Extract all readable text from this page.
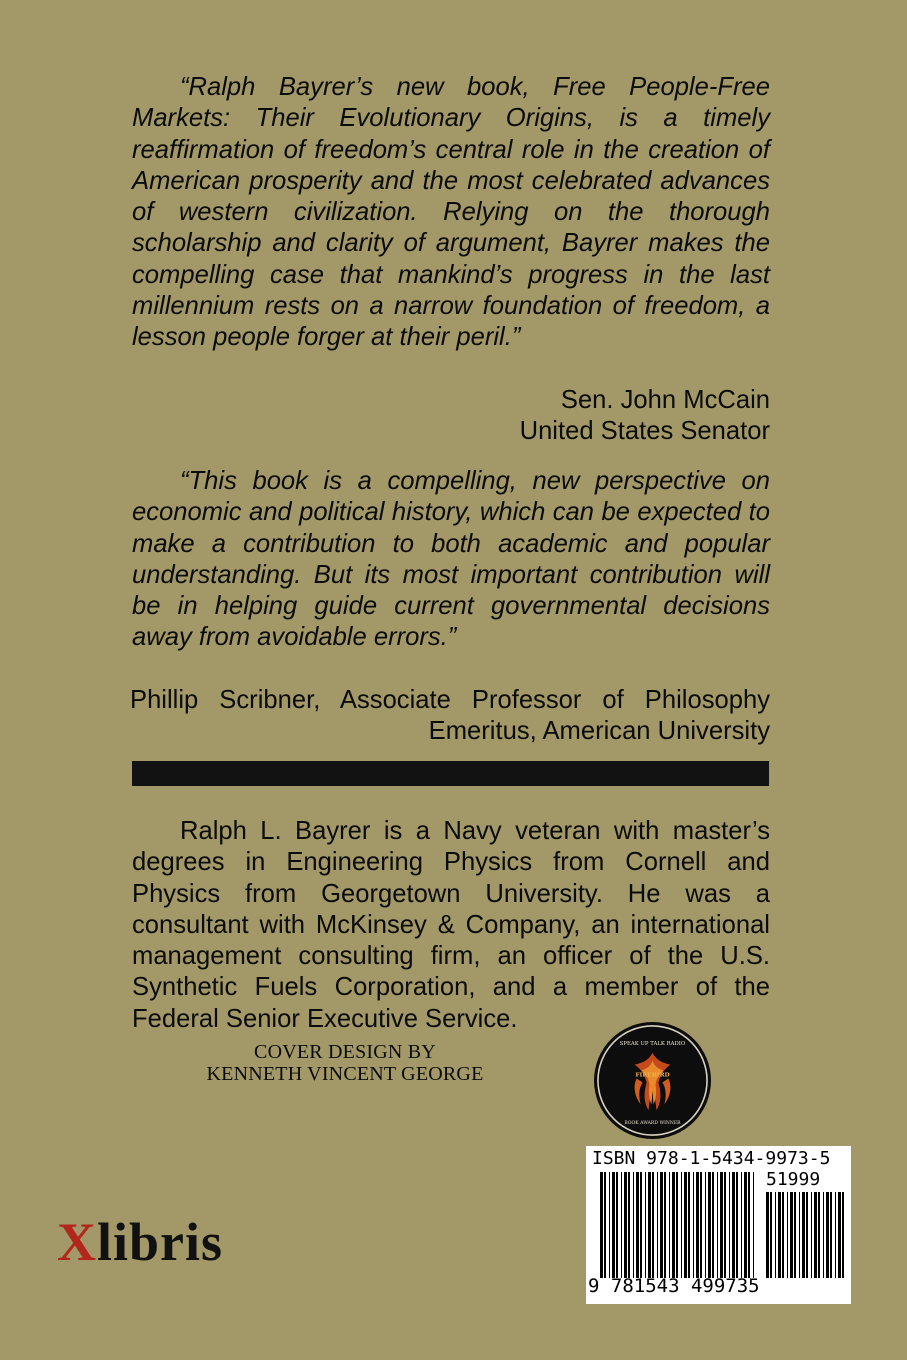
“Ralph Bayrer’s new book, Free People-Free Markets: Their Evolutionary Origins, is a timely reaffirmation of freedom’s central role in the creation of American prosperity and the most celebrated advances of western civilization. Relying on the thorough scholarship and clarity of argument, Bayrer makes the compelling case that mankind’s progress in the last millennium rests on a narrow foundation of freedom, a lesson people forger at their peril.”

Sen. John McCain
United States Senator

“This book is a compelling, new perspective on economic and political history, which can be expected to make a contribution to both academic and popular understanding. But its most important contribution will be in helping guide current governmental decisions away from avoidable errors.”

Phillip Scribner, Associate Professor of Philosophy
Emeritus, American University

Ralph L. Bayrer is a Navy veteran with master’s degrees in Engineering Physics from Cornell and Physics from Georgetown University. He was a consultant with McKinsey & Company, an international management consulting firm, an officer of the U.S. Synthetic Fuels Corporation, and a member of the Federal Senior Executive Service.

COVER DESIGN BY
KENNETH VINCENT GEORGE
SPEAK UP TALK RADIO
FIREBIRD
BOOK AWARD WINNER
Xlibris
ISBN 978-1-5434-9973-5
51999
9 781543 499735
